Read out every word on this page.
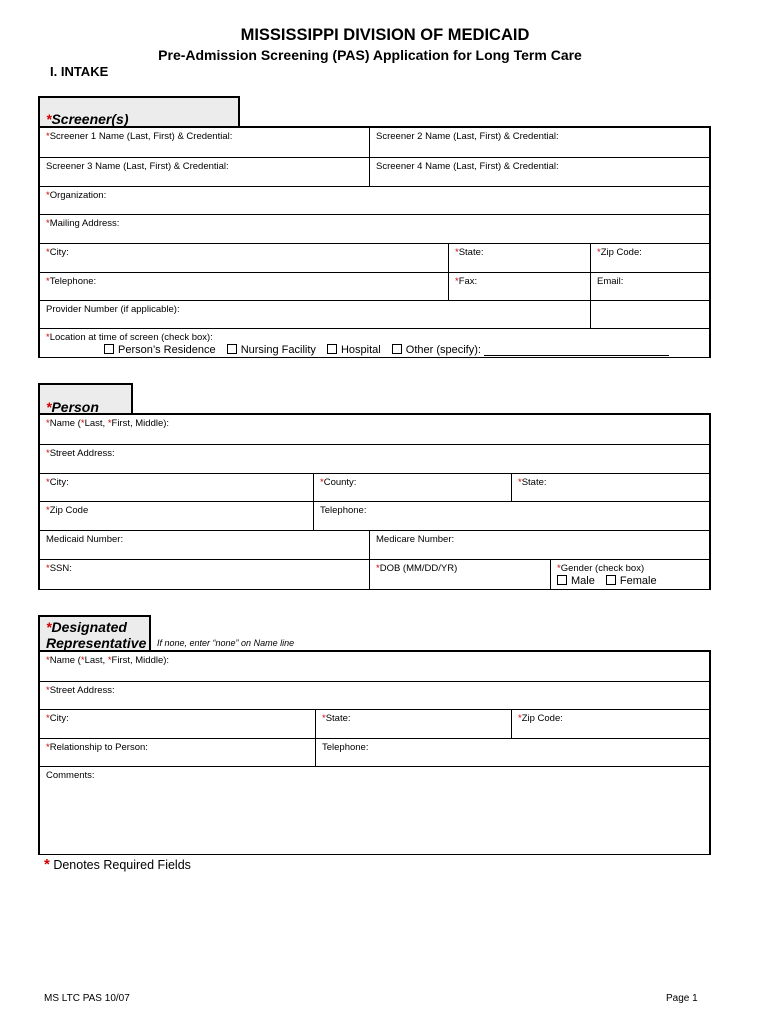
MISSISSIPPI DIVISION OF MEDICAID
Pre-Admission Screening (PAS) Application for Long Term Care
I. INTAKE
*Screener(s)
*Screener 1 Name (Last, First) & Credential:	Screener 2 Name (Last, First) & Credential:
Screener 3 Name (Last, First) & Credential:	Screener 4 Name (Last, First) & Credential:
*Organization:
*Mailing Address:
*City:	*State:	*Zip Code:
*Telephone:	*Fax:	Email:
Provider Number (if applicable):
*Location at time of screen (check box):
Person’s Residence Nursing Facility Hospital Other (specify):
*Person
*Name (*Last, *First, Middle):
*Street Address:
*City:	*County:	*State:
*Zip Code	Telephone:
Medicaid Number:	Medicare Number:
*SSN:	*DOB (MM/DD/YR)	*Gender (check box)
Male Female
*Designated
Representative If none, enter “none” on Name line
*Name (*Last, *First, Middle):
*Street Address:
*City:	*State:	*Zip Code:
*Relationship to Person:	Telephone:
Comments:
* Denotes Required Fields
MS LTC PAS 10/07	Page 1
